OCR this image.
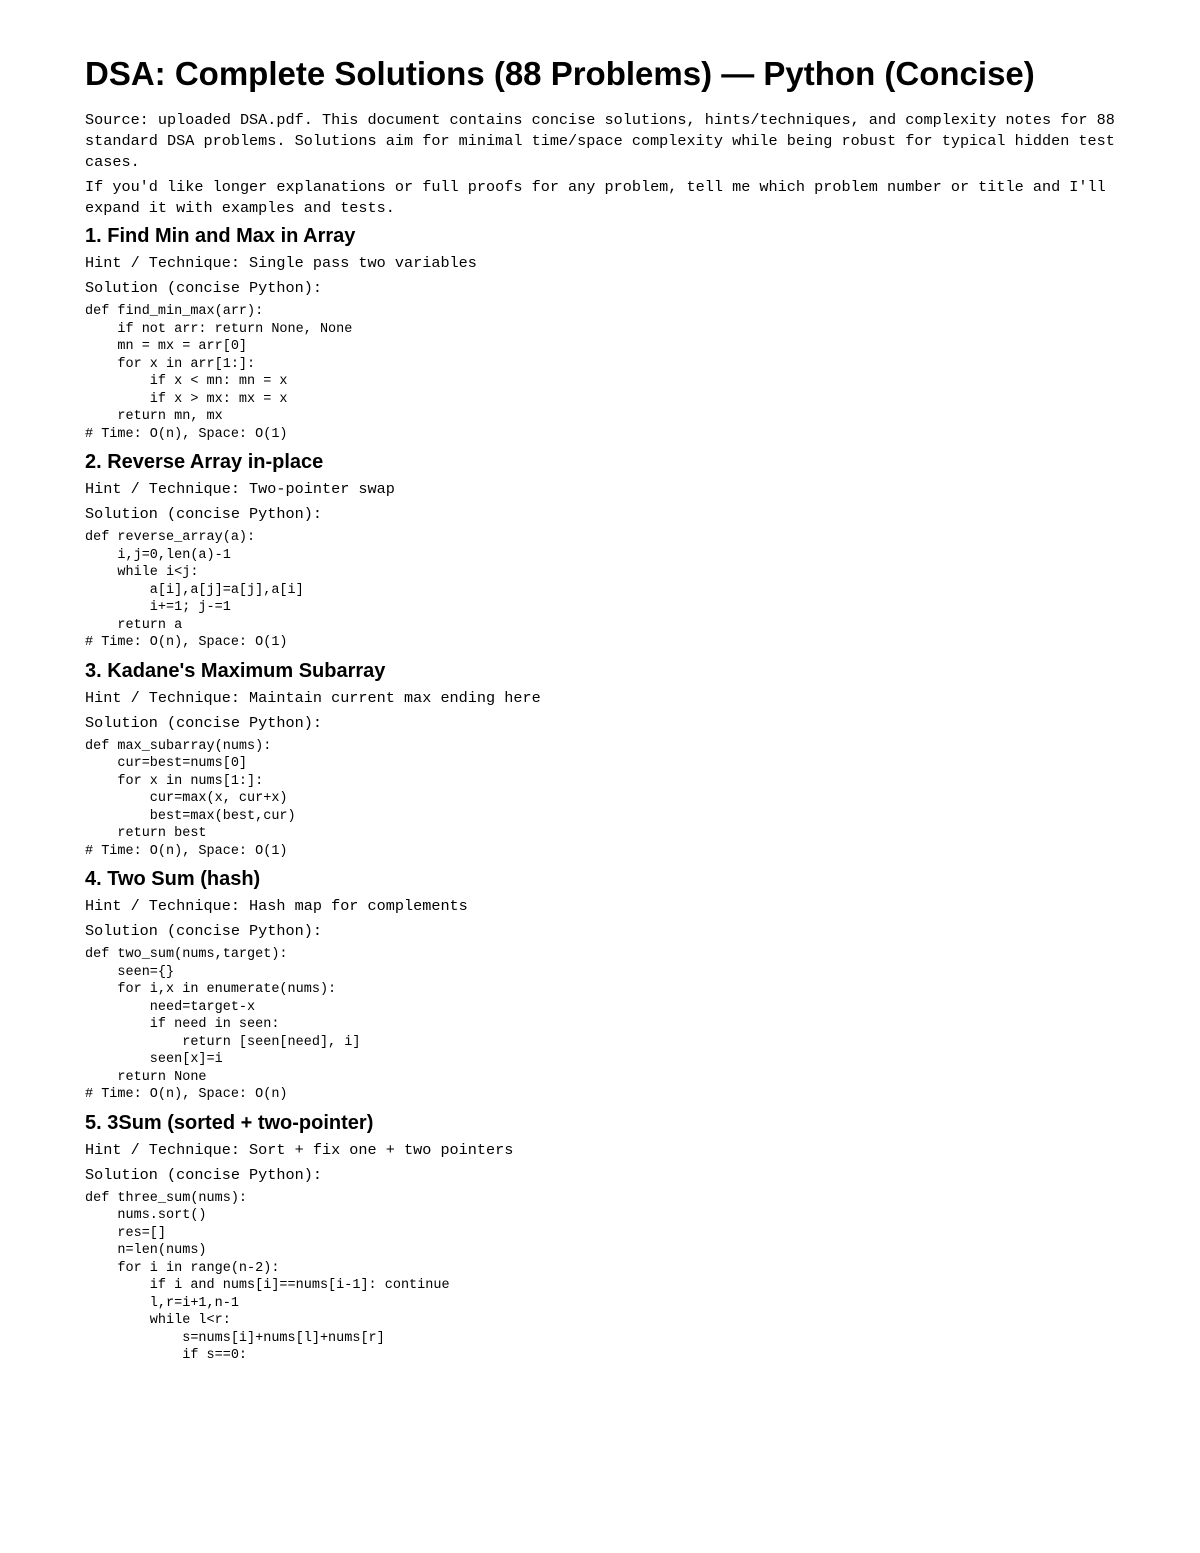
DSA: Complete Solutions (88 Problems) — Python (Concise)

Source: uploaded DSA.pdf. This document contains concise solutions, hints/techniques, and complexity notes for 88 standard DSA problems. Solutions aim for minimal time/space complexity while being robust for typical hidden test cases.

If you'd like longer explanations or full proofs for any problem, tell me which problem number or title and I'll expand it with examples and tests.

1. Find Min and Max in Array
Hint / Technique: Single pass two variables
Solution (concise Python):
def find_min_max(arr):
if not arr: return None, None
mn = mx = arr[0]
for x in arr[1:]:
if x < mn: mn = x
if x > mx: mx = x
return mn, mx
# Time: O(n), Space: O(1)
2. Reverse Array in-place
Hint / Technique: Two-pointer swap
Solution (concise Python):
def reverse_array(a):
i,j=0,len(a)-1
while i<j:
a[i],a[j]=a[j],a[i]
i+=1; j-=1
return a
# Time: O(n), Space: O(1)
3. Kadane's Maximum Subarray
Hint / Technique: Maintain current max ending here
Solution (concise Python):
def max_subarray(nums):
cur=best=nums[0]
for x in nums[1:]:
cur=max(x, cur+x)
best=max(best,cur)
return best
# Time: O(n), Space: O(1)
4. Two Sum (hash)
Hint / Technique: Hash map for complements
Solution (concise Python):
def two_sum(nums,target):
seen={}
for i,x in enumerate(nums):
need=target-x
if need in seen:
return [seen[need], i]
seen[x]=i
return None
# Time: O(n), Space: O(n)
5. 3Sum (sorted + two-pointer)
Hint / Technique: Sort + fix one + two pointers
Solution (concise Python):
def three_sum(nums):
nums.sort()
res=[]
n=len(nums)
for i in range(n-2):
if i and nums[i]==nums[i-1]: continue
l,r=i+1,n-1
while l<r:
s=nums[i]+nums[l]+nums[r]
if s==0:
